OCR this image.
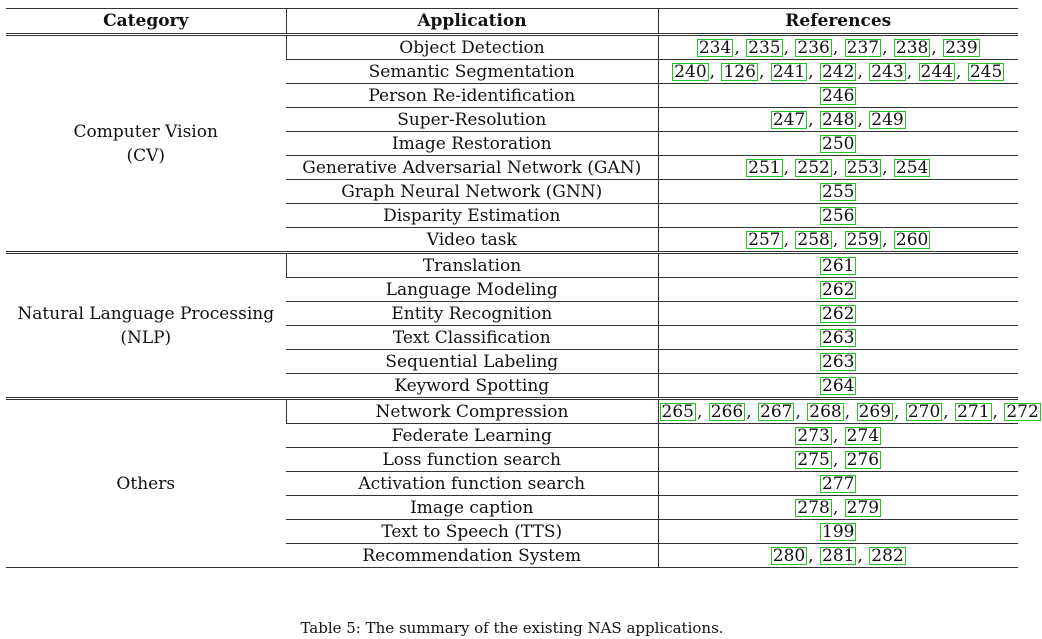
Category	Application	References

Computer Vision
(CV)	Object Detection	234 , 235 , 236 , 237 , 238 , 239
	Semantic Segmentation	240 , 126 , 241 , 242 , 243 , 244 , 245
	Person Re-identification	246
	Super-Resolution	247 , 248 , 249
	Image Restoration	250
	Generative Adversarial Network (GAN)	251 , 252 , 253 , 254
	Graph Neural Network (GNN)	255
	Disparity Estimation	256
	Video task	257 , 258 , 259 , 260

Natural Language Processing
(NLP)	Translation	261
	Language Modeling	262
	Entity Recognition	262
	Text Classification	263
	Sequential Labeling	263
	Keyword Spotting	264

Others	Network Compression	265 , 266 , 267 , 268 , 269 , 270 , 271 , 272
	Federate Learning	273 , 274
	Loss function search	275 , 276
	Activation function search	277
	Image caption	278 , 279
	Text to Speech (TTS)	199
	Recommendation System	280 , 281 , 282
Table 5: The summary of the existing NAS applications.
